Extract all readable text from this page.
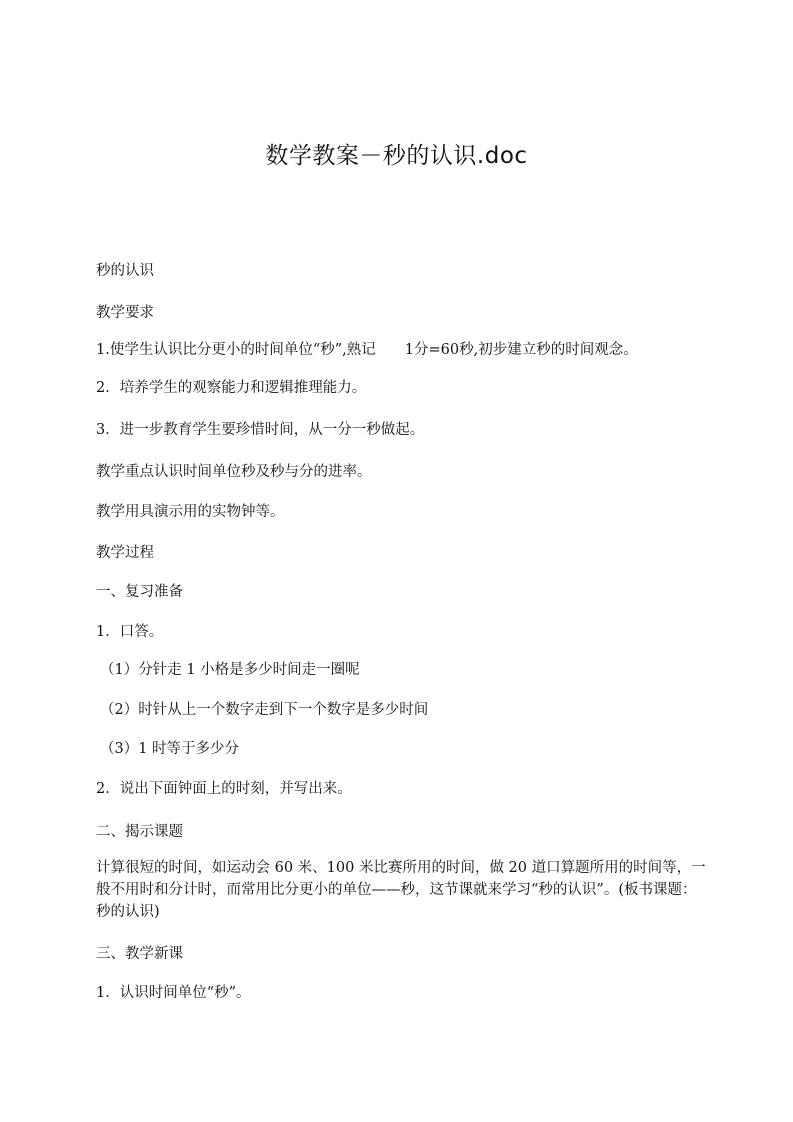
数学教案－秒的认识.doc
秒的认识
教学要求
1.使学生认识比分更小的时间单位“秒”,熟记　　1分=60秒,初步建立秒的时间观念。
2．培养学生的观察能力和逻辑推理能力。
3．进一步教育学生要珍惜时间，从一分一秒做起。
教学重点认识时间单位秒及秒与分的进率。
教学用具演示用的实物钟等。
教学过程
一、复习准备
1．口答。
（1）分针走 1 小格是多少时间走一圈呢
（2）时针从上一个数字走到下一个数字是多少时间
（3）1 时等于多少分
2．说出下面钟面上的时刻，并写出来。
二、揭示课题
计算很短的时间，如运动会 60 米、100 米比赛所用的时间，做 20 道口算题所用的时间等，一般不用时和分计时，而常用比分更小的单位——秒，这节课就来学习“秒的认识”。(板书课题：秒的认识)
三、教学新课
1．认识时间单位“秒”。
